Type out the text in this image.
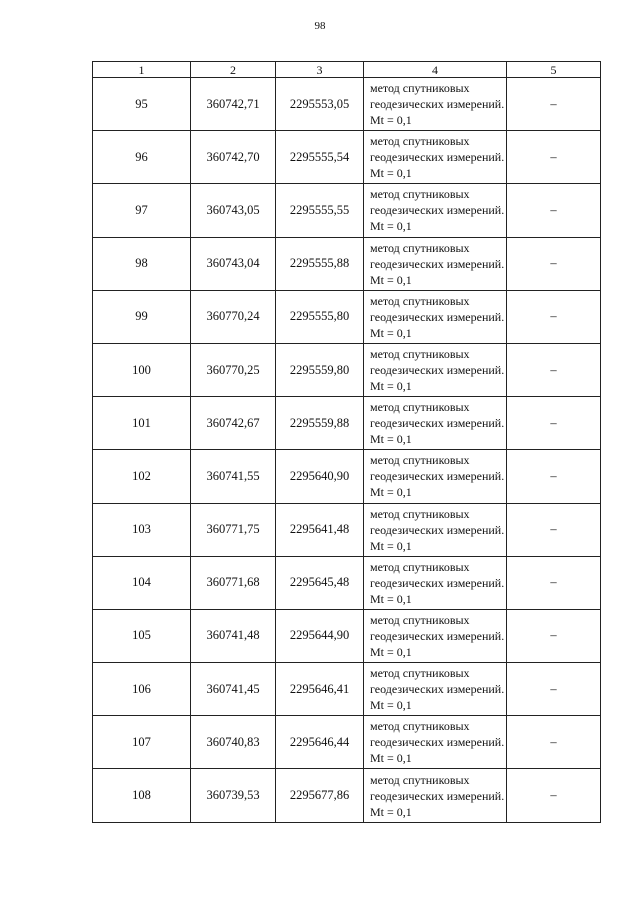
98
1	2	3	4	5
95	360742,71	2295553,05	метод спутниковых геодезических измерений. Mt = 0,1	–
96	360742,70	2295555,54	метод спутниковых геодезических измерений. Mt = 0,1	–
97	360743,05	2295555,55	метод спутниковых геодезических измерений. Mt = 0,1	–
98	360743,04	2295555,88	метод спутниковых геодезических измерений. Mt = 0,1	–
99	360770,24	2295555,80	метод спутниковых геодезических измерений. Mt = 0,1	–
100	360770,25	2295559,80	метод спутниковых геодезических измерений. Mt = 0,1	–
101	360742,67	2295559,88	метод спутниковых геодезических измерений. Mt = 0,1	–
102	360741,55	2295640,90	метод спутниковых геодезических измерений. Mt = 0,1	–
103	360771,75	2295641,48	метод спутниковых геодезических измерений. Mt = 0,1	–
104	360771,68	2295645,48	метод спутниковых геодезических измерений. Mt = 0,1	–
105	360741,48	2295644,90	метод спутниковых геодезических измерений. Mt = 0,1	–
106	360741,45	2295646,41	метод спутниковых геодезических измерений. Mt = 0,1	–
107	360740,83	2295646,44	метод спутниковых геодезических измерений. Mt = 0,1	–
108	360739,53	2295677,86	метод спутниковых геодезических измерений. Mt = 0,1	–
